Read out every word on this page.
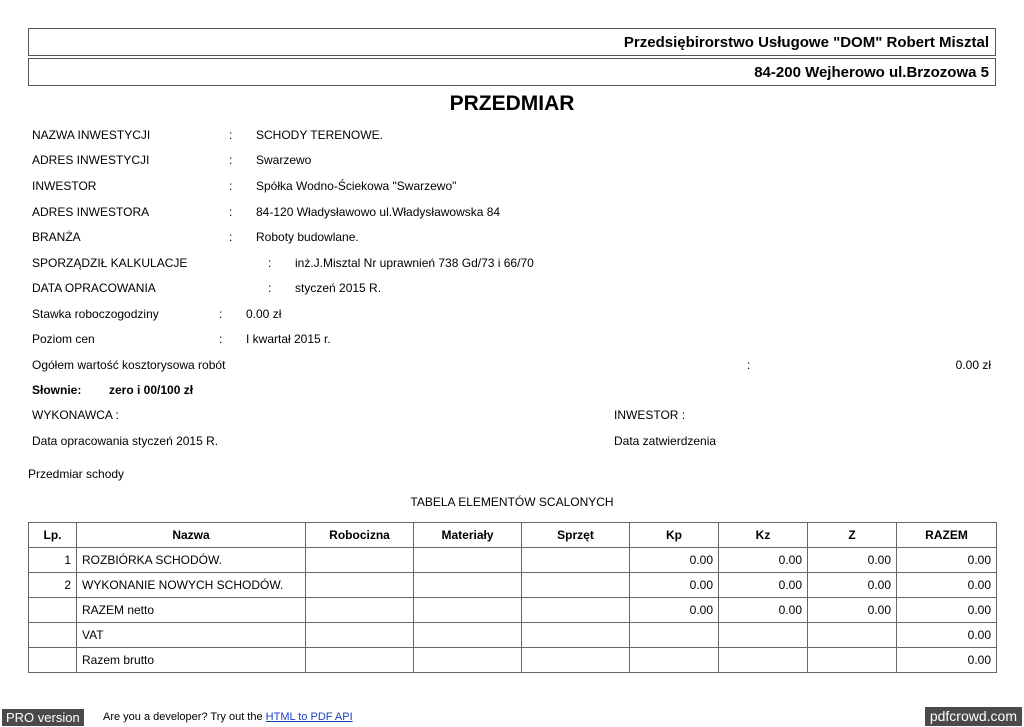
Przedsiębirorstwo Usługowe "DOM" Robert Misztal
84-200 Wejherowo ul.Brzozowa 5
PRZEDMIAR
NAZWA INWESTYCJI	: SCHODY TERENOWE.
ADRES INWESTYCJI	: Swarzewo
INWESTOR	: Spółka Wodno-Ściekowa "Swarzewo"
ADRES INWESTORA	: 84-120 Władysławowo ul.Władysławowska 84
BRANŻA	: Roboty budowlane.
SPORZĄDZIŁ KALKULACJE	: inż.J.Misztal Nr uprawnień 738 Gd/73 i 66/70
DATA OPRACOWANIA	: styczeń 2015 R.
Stawka roboczogodziny	: 0.00 zł
Poziom cen	: I kwartał 2015 r.
Ogółem wartość kosztorysowa robót	:	0.00 zł
Słownie: zero i 00/100 zł
WYKONAWCA :	INWESTOR :
Data opracowania styczeń 2015 R.	Data zatwierdzenia
Przedmiar schody
TABELA ELEMENTÓW SCALONYCH
Lp.	Nazwa	Robocizna	Materiały	Sprzęt	Kp	Kz	Z	RAZEM
1	ROZBIÓRKA SCHODÓW.				0.00	0.00	0.00	0.00
2	WYKONANIE NOWYCH SCHODÓW.				0.00	0.00	0.00	0.00
	RAZEM netto				0.00	0.00	0.00	0.00
	VAT							0.00
	Razem brutto							0.00
PRO version	Are you a developer? Try out the HTML to PDF API	pdfcrowd.com
